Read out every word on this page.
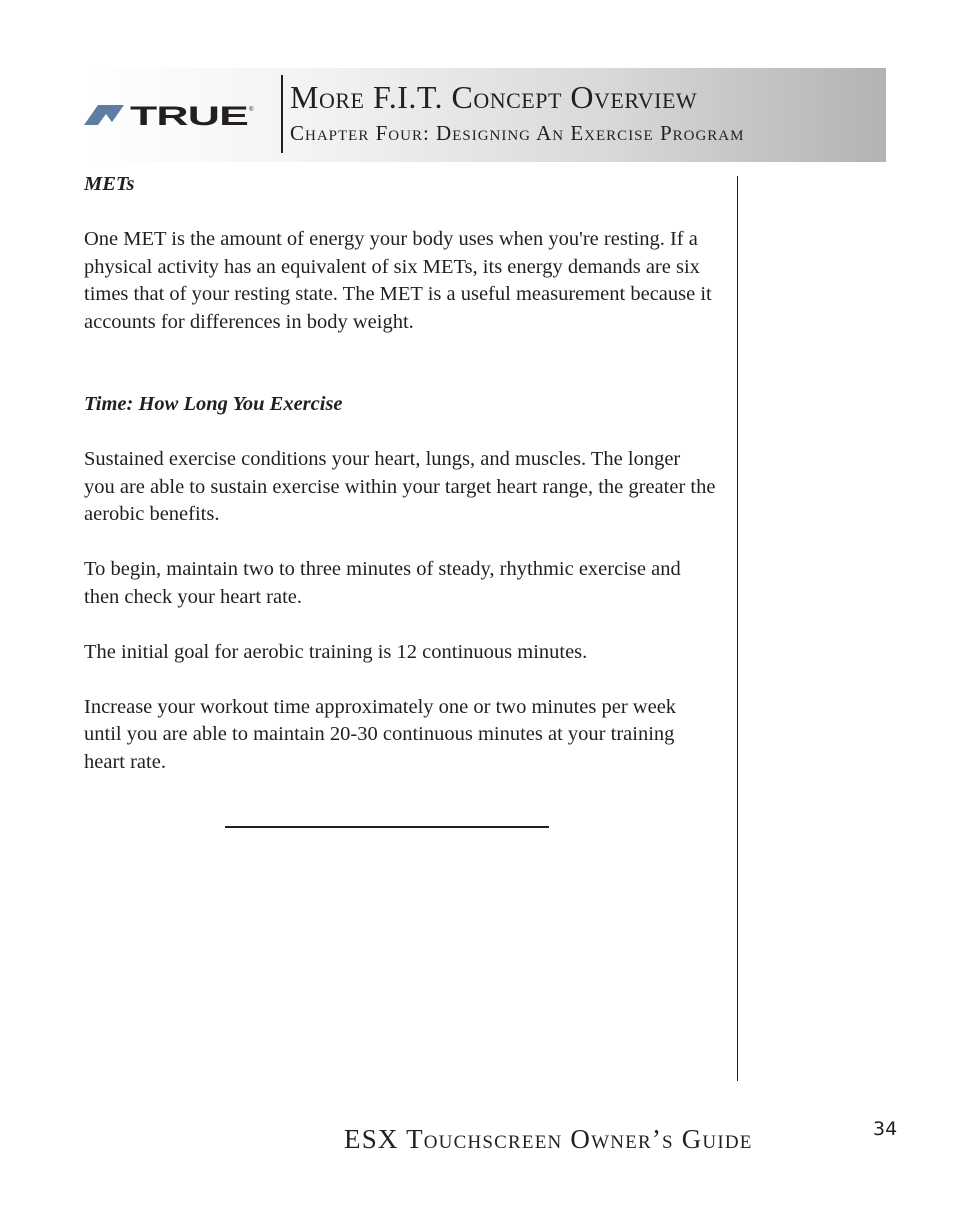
TRUE ® More F.I.T. Concept Overview
Chapter Four: Designing An Exercise Program
METs

One MET is the amount of energy your body uses when you're resting. If a physical activity has an equivalent of six METs, its energy demands are six times that of your resting state. The MET is a useful measurement because it accounts for differences in body weight.

Time: How Long You Exercise

Sustained exercise conditions your heart, lungs, and muscles. The longer you are able to sustain exercise within your target heart range, the greater the aerobic benefits.

To begin, maintain two to three minutes of steady, rhythmic exercise and then check your heart rate.

The initial goal for aerobic training is 12 continuous minutes.

Increase your workout time approximately one or two minutes per week until you are able to maintain 20-30 continuous minutes at your training heart rate.

ESX Touchscreen Owner’s Guide	34
